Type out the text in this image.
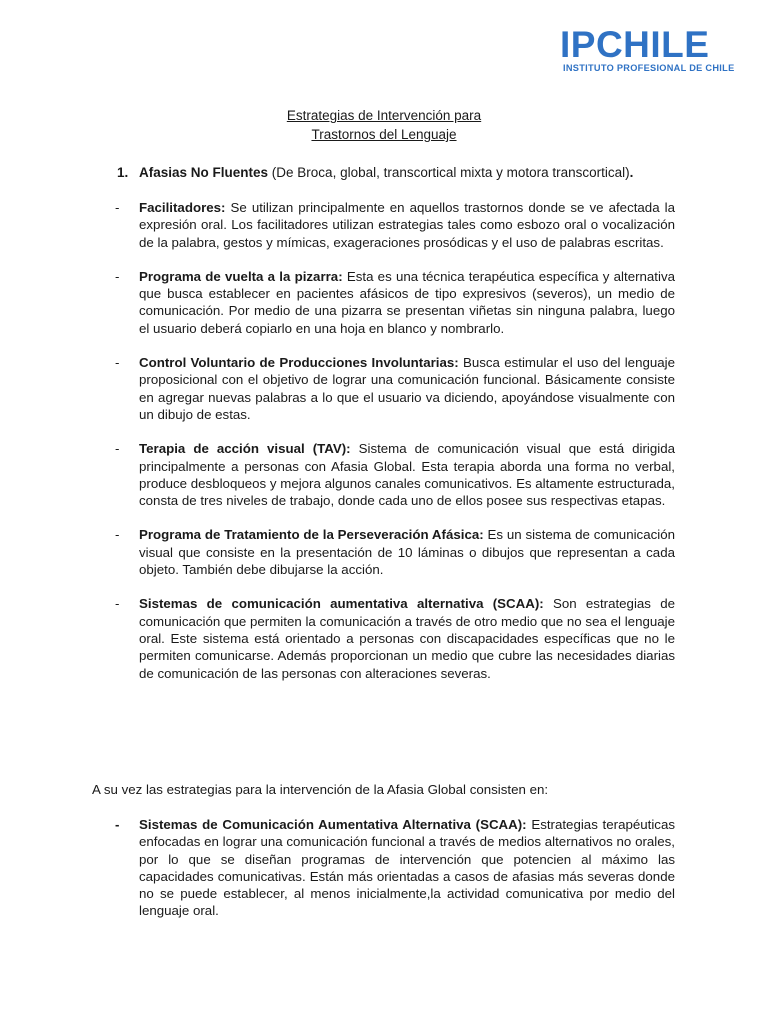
IPCHILE
INSTITUTO PROFESIONAL DE CHILE
Estrategias de Intervención para
Trastornos del Lenguaje
1. Afasias No Fluentes (De Broca, global, transcortical mixta y motora transcortical).
- Facilitadores: Se utilizan principalmente en aquellos trastornos donde se ve afectada la expresión oral. Los facilitadores utilizan estrategias tales como esbozo oral o vocalización de la palabra, gestos y mímicas, exageraciones prosódicas y el uso de palabras escritas.
- Programa de vuelta a la pizarra: Esta es una técnica terapéutica específica y alternativa que busca establecer en pacientes afásicos de tipo expresivos (severos), un medio de comunicación. Por medio de una pizarra se presentan viñetas sin ninguna palabra, luego el usuario deberá copiarlo en una hoja en blanco y nombrarlo.
- Control Voluntario de Producciones Involuntarias: Busca estimular el uso del lenguaje proposicional con el objetivo de lograr una comunicación funcional. Básicamente consiste en agregar nuevas palabras a lo que el usuario va diciendo, apoyándose visualmente con un dibujo de estas.
- Terapia de acción visual (TAV): Sistema de comunicación visual que está dirigida principalmente a personas con Afasia Global. Esta terapia aborda una forma no verbal, produce desbloqueos y mejora algunos canales comunicativos. Es altamente estructurada, consta de tres niveles de trabajo, donde cada uno de ellos posee sus respectivas etapas.
- Programa de Tratamiento de la Perseveración Afásica: Es un sistema de comunicación visual que consiste en la presentación de 10 láminas o dibujos que representan a cada objeto. También debe dibujarse la acción.
- Sistemas de comunicación aumentativa alternativa (SCAA): Son estrategias de comunicación que permiten la comunicación a través de otro medio que no sea el lenguaje oral. Este sistema está orientado a personas con discapacidades específicas que no le permiten comunicarse. Además proporcionan un medio que cubre las necesidades diarias de comunicación de las personas con alteraciones severas.
A su vez las estrategias para la intervención de la Afasia Global consisten en:
- Sistemas de Comunicación Aumentativa Alternativa (SCAA): Estrategias terapéuticas enfocadas en lograr una comunicación funcional a través de medios alternativos no orales, por lo que se diseñan programas de intervención que potencien al máximo las capacidades comunicativas. Están más orientadas a casos de afasias más severas donde no se puede establecer, al menos inicialmente,la actividad comunicativa por medio del lenguaje oral.
